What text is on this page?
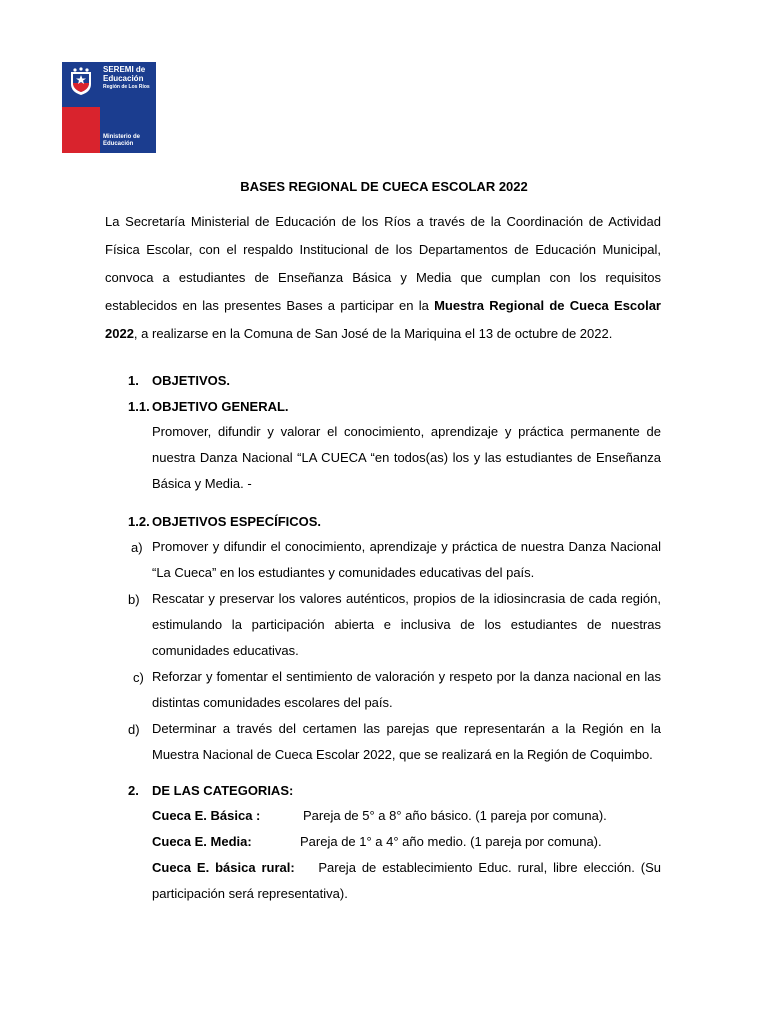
SEREMI de
Educación
Región de Los Ríos
Ministerio de
Educación
BASES REGIONAL DE CUECA ESCOLAR 2022
La Secretaría Ministerial de Educación de los Ríos a través de la Coordinación de Actividad Física Escolar, con el respaldo Institucional de los Departamentos de Educación Municipal, convoca a estudiantes de Enseñanza Básica y Media que cumplan con los requisitos establecidos en las presentes Bases a participar en la Muestra Regional de Cueca Escolar 2022, a realizarse en la Comuna de San José de la Mariquina el 13 de octubre de 2022.
1. OBJETIVOS.
1.1. OBJETIVO GENERAL.
Promover, difundir y valorar el conocimiento, aprendizaje y práctica permanente de nuestra Danza Nacional “LA CUECA “en todos(as) los y las estudiantes de Enseñanza Básica y Media. -
1.2. OBJETIVOS ESPECÍFICOS.
a) Promover y difundir el conocimiento, aprendizaje y práctica de nuestra Danza Nacional “La Cueca” en los estudiantes y comunidades educativas del país.
b) Rescatar y preservar los valores auténticos, propios de la idiosincrasia de cada región, estimulando la participación abierta e inclusiva de los estudiantes de nuestras comunidades educativas.
c) Reforzar y fomentar el sentimiento de valoración y respeto por la danza nacional en las distintas comunidades escolares del país.
d) Determinar a través del certamen las parejas que representarán a la Región en la Muestra Nacional de Cueca Escolar 2022, que se realizará en la Región de Coquimbo.
2. DE LAS CATEGORIAS:
Cueca E. Básica :	Pareja de 5° a 8° año básico. (1 pareja por comuna).
Cueca E. Media:	Pareja de 1° a 4° año medio. (1 pareja por comuna).
Cueca E. básica rural: Pareja de establecimiento Educ. rural, libre elección. (Su participación será representativa).
